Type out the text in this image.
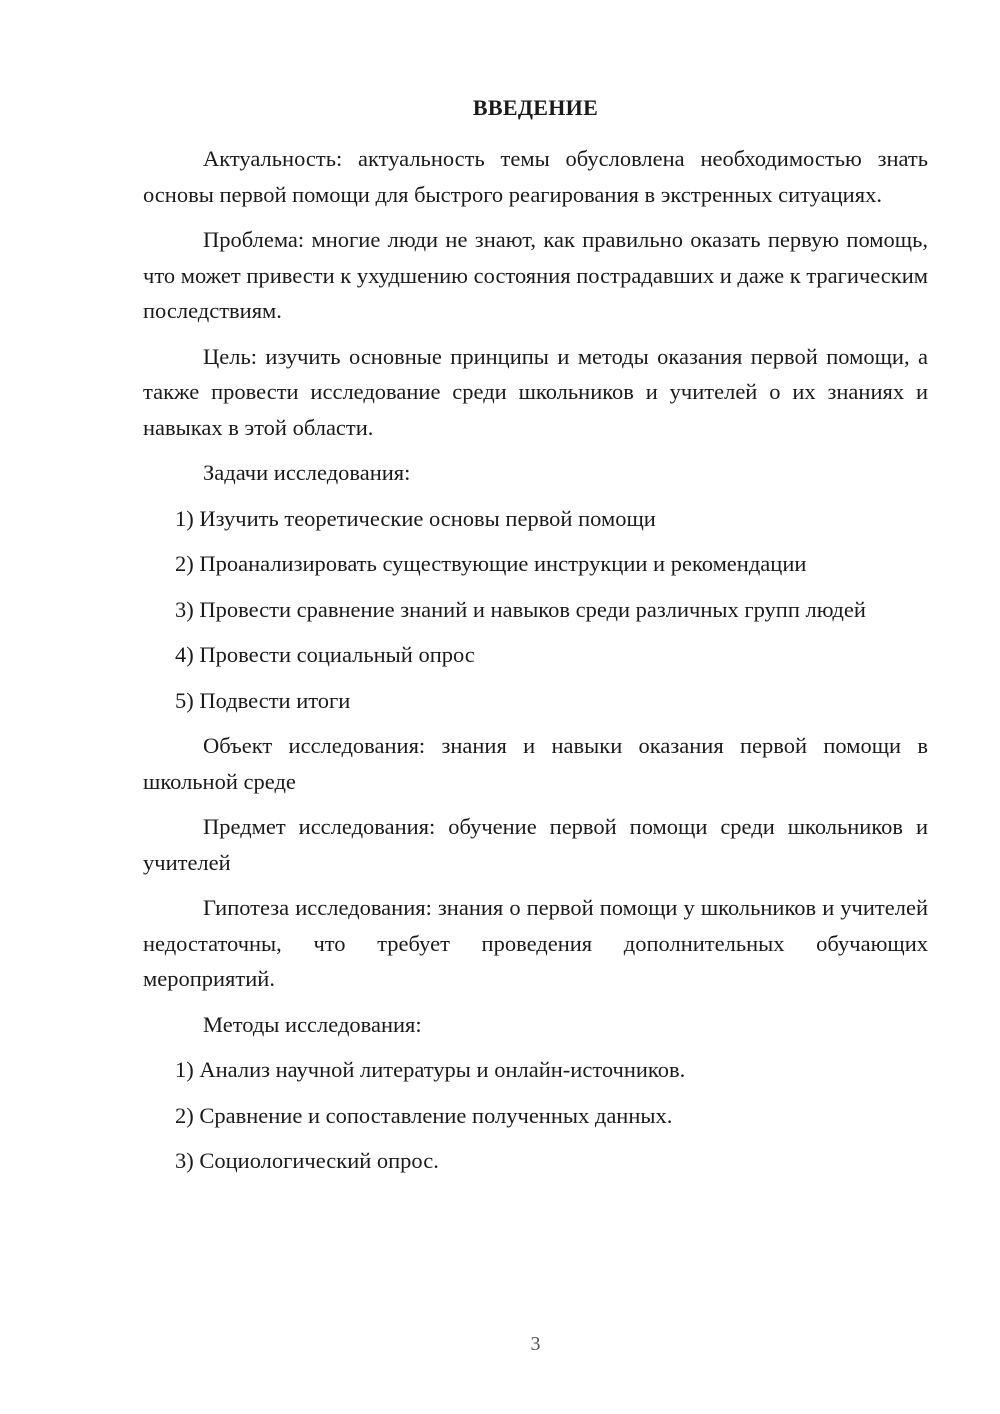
ВВЕДЕНИЕ

Актуальность: актуальность темы обусловлена необходимостью знать основы первой помощи для быстрого реагирования в экстренных ситуациях.

Проблема: многие люди не знают, как правильно оказать первую помощь, что может привести к ухудшению состояния пострадавших и даже к трагическим последствиям.

Цель: изучить основные принципы и методы оказания первой помощи, а также провести исследование среди школьников и учителей о их знаниях и навыках в этой области.

Задачи исследования:

1) Изучить теоретические основы первой помощи

2) Проанализировать существующие инструкции и рекомендации

3) Провести сравнение знаний и навыков среди различных групп людей

4) Провести социальный опрос

5) Подвести итоги

Объект исследования: знания и навыки оказания первой помощи в школьной среде

Предмет исследования: обучение первой помощи среди школьников и учителей

Гипотеза исследования: знания о первой помощи у школьников и учителей недостаточны, что требует проведения дополнительных обучающих мероприятий.

Методы исследования:

1) Анализ научной литературы и онлайн-источников.

2) Сравнение и сопоставление полученных данных.

3) Социологический опрос.

3
